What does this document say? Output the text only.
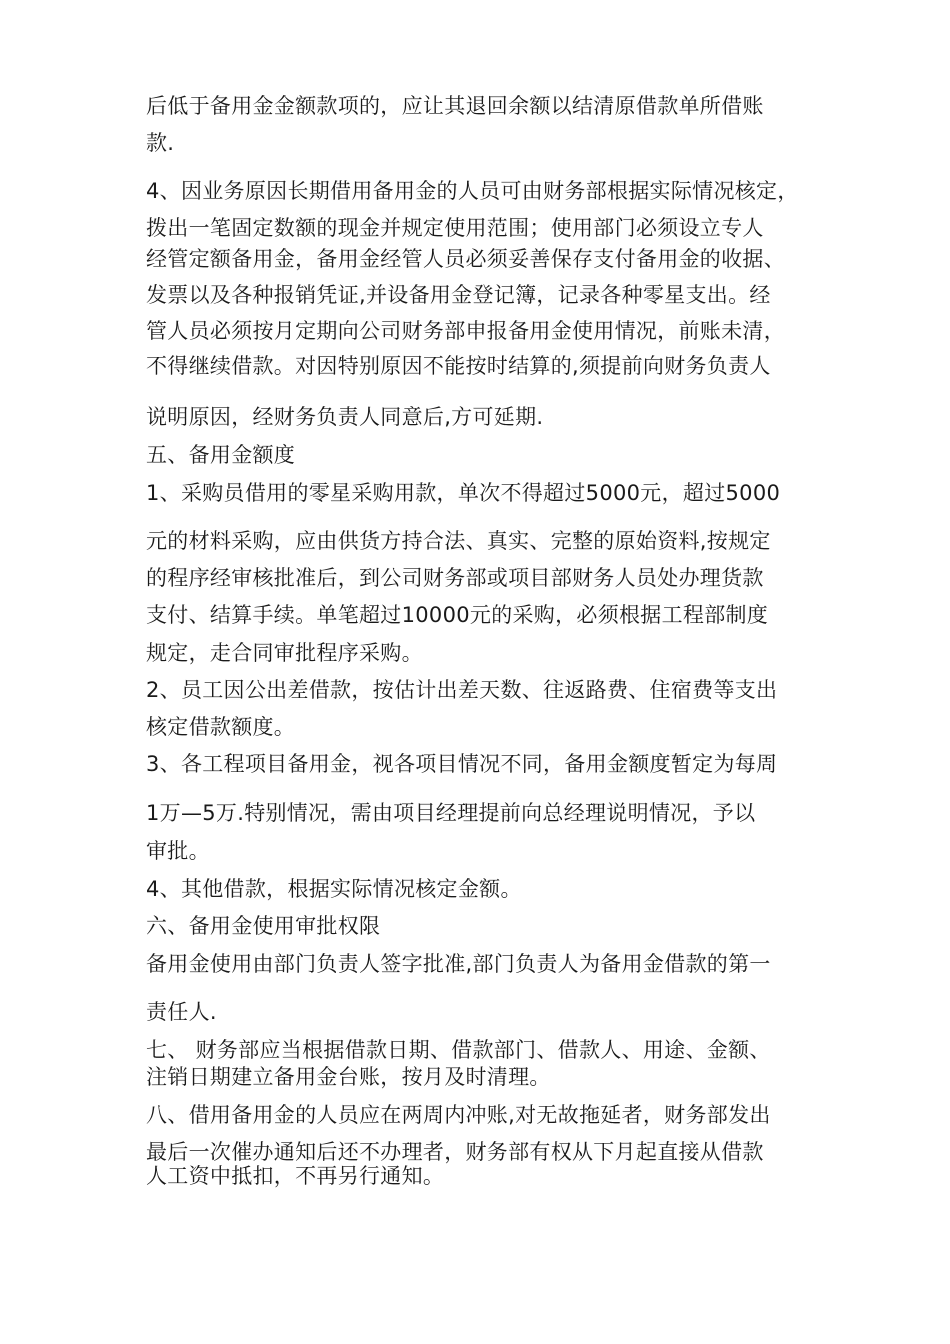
后低于备用金金额款项的，应让其退回余额以结清原借款单所借账
款.
4、因业务原因长期借用备用金的人员可由财务部根据实际情况核定，
拨出一笔固定数额的现金并规定使用范围；使用部门必须设立专人
经管定额备用金，备用金经管人员必须妥善保存支付备用金的收据、
发票以及各种报销凭证,并设备用金登记簿，记录各种零星支出。经
管人员必须按月定期向公司财务部申报备用金使用情况，前账未清，
不得继续借款。对因特别原因不能按时结算的,须提前向财务负责人
说明原因，经财务负责人同意后,方可延期.
五、备用金额度
1、采购员借用的零星采购用款，单次不得超过5000元，超过5000
元的材料采购，应由供货方持合法、真实、完整的原始资料,按规定
的程序经审核批准后，到公司财务部或项目部财务人员处办理货款
支付、结算手续。单笔超过10000元的采购，必须根据工程部制度
规定，走合同审批程序采购。
2、员工因公出差借款，按估计出差天数、往返路费、住宿费等支出
核定借款额度。
3、各工程项目备用金，视各项目情况不同，备用金额度暂定为每周
1万—5万.特别情况，需由项目经理提前向总经理说明情况，予以
审批。
4、其他借款，根据实际情况核定金额。
六、备用金使用审批权限
备用金使用由部门负责人签字批准,部门负责人为备用金借款的第一
责任人.
七、 财务部应当根据借款日期、借款部门、借款人、用途、金额、
注销日期建立备用金台账，按月及时清理。
八、借用备用金的人员应在两周内冲账,对无故拖延者，财务部发出
最后一次催办通知后还不办理者，财务部有权从下月起直接从借款
人工资中抵扣，不再另行通知。
